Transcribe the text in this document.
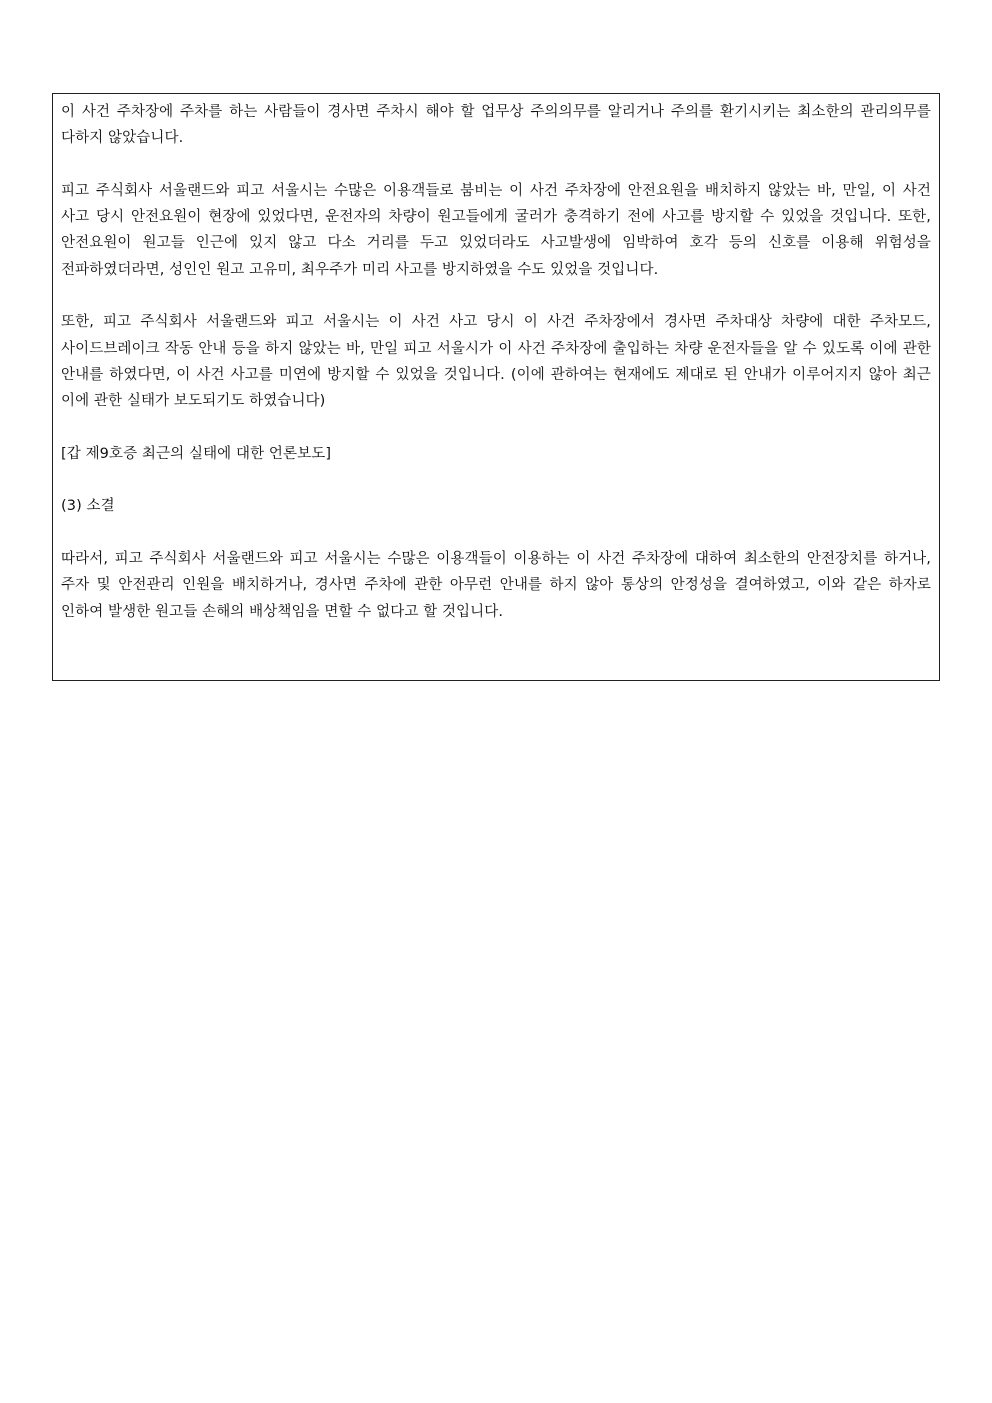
이 사건 주차장에 주차를 하는 사람들이 경사면 주차시 해야 할 업무상 주의의무를 알리거나 주의를 환기시키는 최소한의 관리의무를 다하지 않았습니다.

피고 주식회사 서울랜드와 피고 서울시는 수많은 이용객들로 붐비는 이 사건 주차장에 안전요원을 배치하지 않았는 바, 만일, 이 사건 사고 당시 안전요원이 현장에 있었다면, 운전자의 차량이 원고들에게 굴러가 충격하기 전에 사고를 방지할 수 있었을 것입니다. 또한, 안전요원이 원고들 인근에 있지 않고 다소 거리를 두고 있었더라도 사고발생에 임박하여 호각 등의 신호를 이용해 위험성을 전파하였더라면, 성인인 원고 고유미, 최우주가 미리 사고를 방지하였을 수도 있었을 것입니다.

또한, 피고 주식회사 서울랜드와 피고 서울시는 이 사건 사고 당시 이 사건 주차장에서 경사면 주차대상 차량에 대한 주차모드, 사이드브레이크 작동 안내 등을 하지 않았는 바, 만일 피고 서울시가 이 사건 주차장에 출입하는 차량 운전자들을 알 수 있도록 이에 관한 안내를 하였다면, 이 사건 사고를 미연에 방지할 수 있었을 것입니다. (이에 관하여는 현재에도 제대로 된 안내가 이루어지지 않아 최근 이에 관한 실태가 보도되기도 하였습니다)

[갑 제9호증 최근의 실태에 대한 언론보도]

(3) 소결

따라서, 피고 주식회사 서울랜드와 피고 서울시는 수많은 이용객들이 이용하는 이 사건 주차장에 대하여 최소한의 안전장치를 하거나, 주자 및 안전관리 인원을 배치하거나, 경사면 주차에 관한 아무런 안내를 하지 않아 통상의 안정성을 결여하였고, 이와 같은 하자로 인하여 발생한 원고들 손해의 배상책임을 면할 수 없다고 할 것입니다.
